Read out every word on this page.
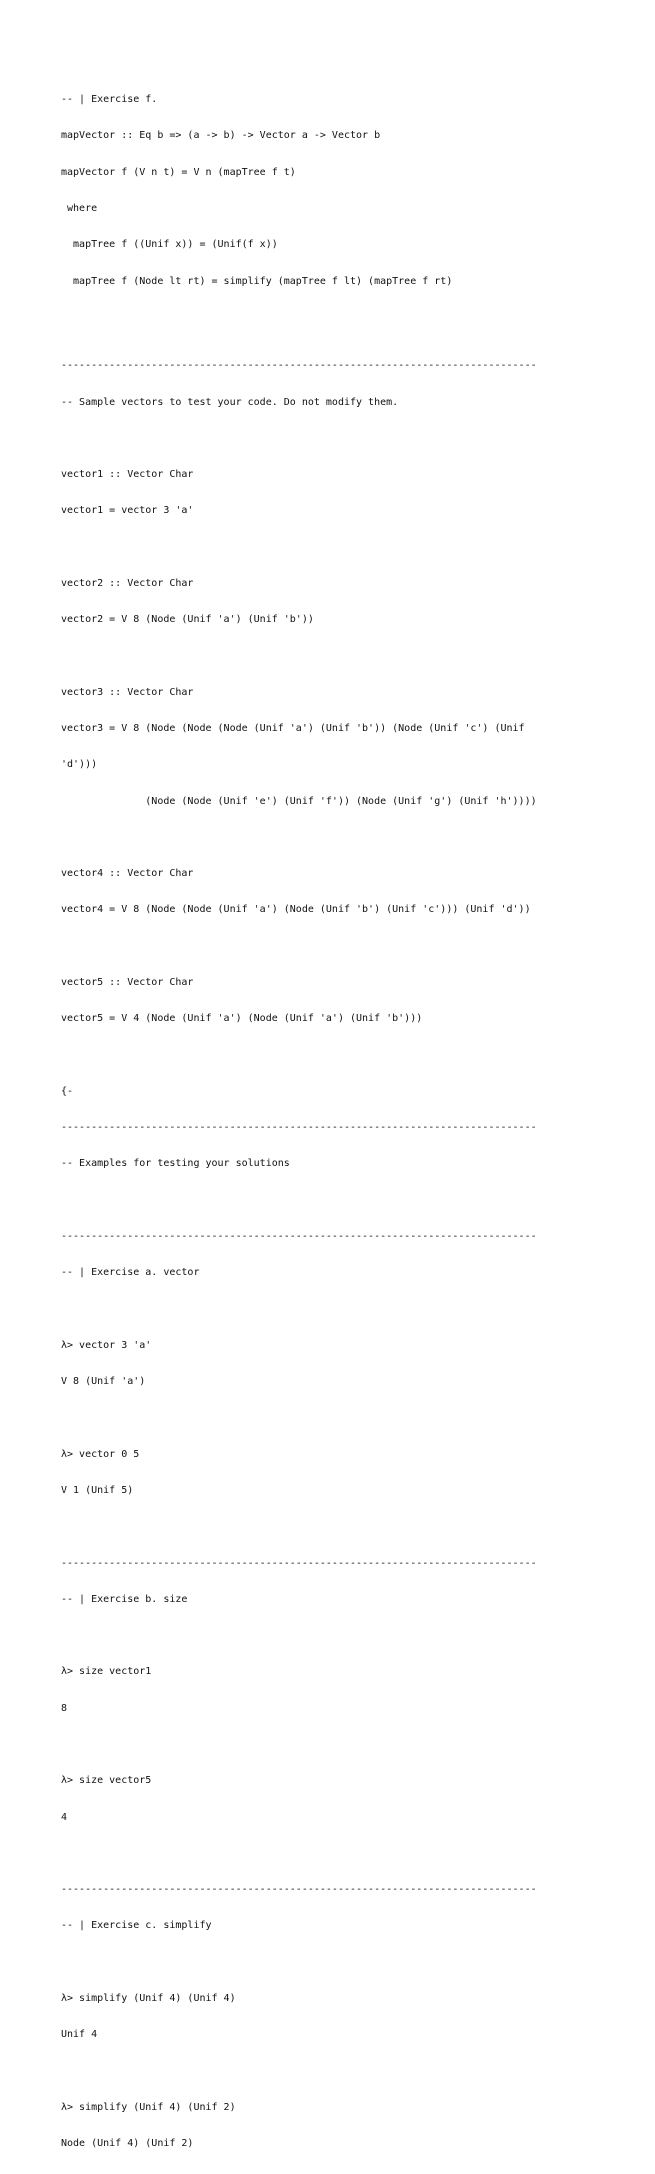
-- | Exercise f.

mapVector :: Eq b => (a -> b) -> Vector a -> Vector b

mapVector f (V n t) = V n (mapTree f t)

where

mapTree f ((Unif x)) = (Unif(f x))

mapTree f (Node lt rt) = simplify (mapTree f lt) (mapTree f rt)

-------------------------------------------------------------------------------

-- Sample vectors to test your code. Do not modify them.

vector1 :: Vector Char

vector1 = vector 3 'a'

vector2 :: Vector Char

vector2 = V 8 (Node (Unif 'a') (Unif 'b'))

vector3 :: Vector Char

vector3 = V 8 (Node (Node (Node (Unif 'a') (Unif 'b')) (Node (Unif 'c') (Unif

'd')))

(Node (Node (Unif 'e') (Unif 'f')) (Node (Unif 'g') (Unif 'h'))))

vector4 :: Vector Char

vector4 = V 8 (Node (Node (Unif 'a') (Node (Unif 'b') (Unif 'c'))) (Unif 'd'))

vector5 :: Vector Char

vector5 = V 4 (Node (Unif 'a') (Node (Unif 'a') (Unif 'b')))

{-

-------------------------------------------------------------------------------

-- Examples for testing your solutions

-------------------------------------------------------------------------------

-- | Exercise a. vector

λ> vector 3 'a'

V 8 (Unif 'a')

λ> vector 0 5

V 1 (Unif 5)

-------------------------------------------------------------------------------

-- | Exercise b. size

λ> size vector1

8

λ> size vector5

4

-------------------------------------------------------------------------------

-- | Exercise c. simplify

λ> simplify (Unif 4) (Unif 4)

Unif 4

λ> simplify (Unif 4) (Unif 2)

Node (Unif 4) (Unif 2)
